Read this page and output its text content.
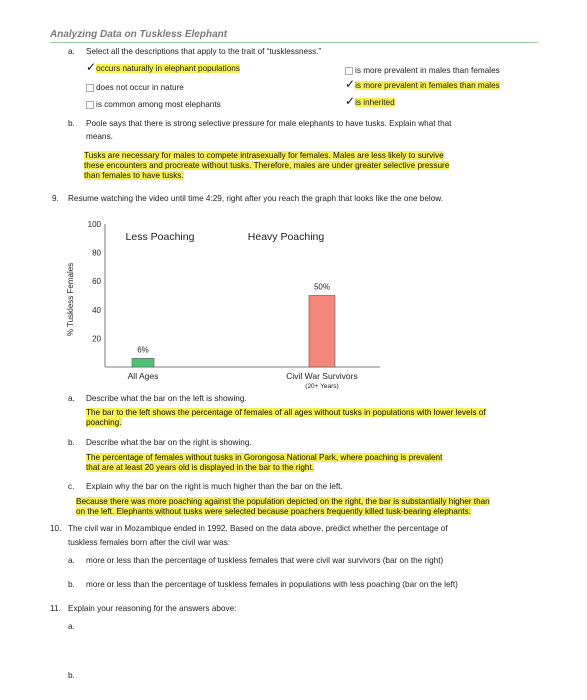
Analyzing Data on Tuskless Elephant
a. Select all the descriptions that apply to the trait of “tusklessness.”
✓occurs naturally in elephant populations	is more prevalent in males than females
does not occur in nature	✓is more prevalent in females than males
is common among most elephants	✓is inherited
b. Poole says that there is strong selective pressure for male elephants to have tusks. Explain what that
means.
Tusks are necessary for males to compete intrasexually for females. Males are less likely to survive
these encounters and procreate without tusks. Therefore, males are under greater selective pressure
than females to have tusks.
9. Resume watching the video until time 4:29, right after you reach the graph that looks like the one below.
100
80
60
40
20
% Tuskless Females
Less Poaching	Heavy Poaching
6%
All Ages
50%
Civil War Survivors
(20+ Years)
a. Describe what the bar on the left is showing.
The bar to the left shows the percentage of females of all ages without tusks in populations with lower levels of
poaching.
b. Describe what the bar on the right is showing.
The percentage of females without tusks in Gorongosa National Park, where poaching is prevalent
that are at least 20 years old is displayed in the bar to the right.
c. Explain why the bar on the right is much higher than the bar on the left.
Because there was more poaching against the population depicted on the right, the bar is substantially higher than
on the left. Elephants without tusks were selected because poachers frequently killed tusk-bearing elephants.
10. The civil war in Mozambique ended in 1992. Based on the data above, predict whether the percentage of
tuskless females born after the civil war was:
a. more or less than the percentage of tuskless females that were civil war survivors (bar on the right)
b. more or less than the percentage of tuskless females in populations with less poaching (bar on the left)
11. Explain your reasoning for the answers above:
a.
b.
